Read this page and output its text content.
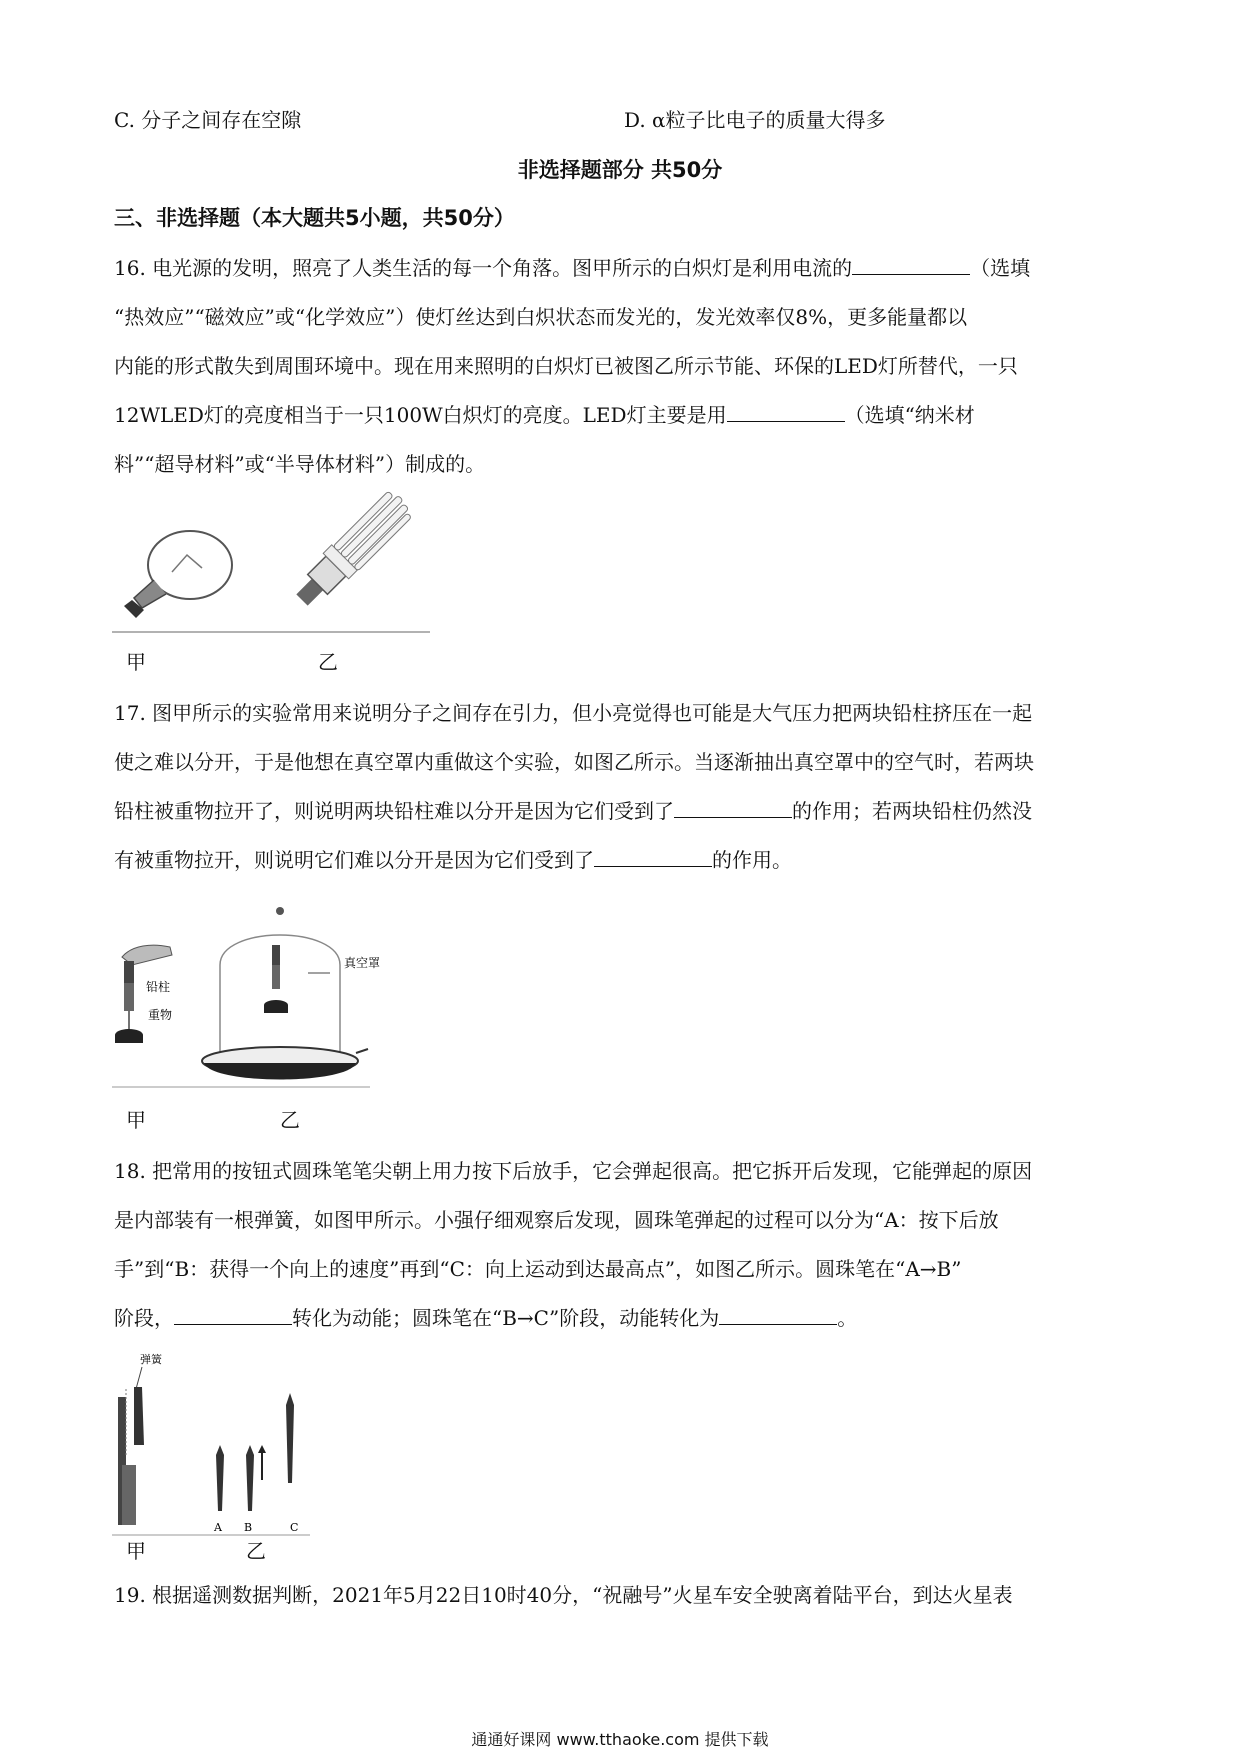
C. 分子之间存在空隙	D. α粒子比电子的质量大得多
非选择题部分 共50分
三、非选择题（本大题共5小题，共50分）
16. 电光源的发明，照亮了人类生活的每一个角落。图甲所示的白炽灯是利用电流的	（选填
“热效应”“磁效应”或“化学效应”）使灯丝达到白炽状态而发光的，发光效率仅8%，更多能量都以
内能的形式散失到周围环境中。现在用来照明的白炽灯已被图乙所示节能、环保的LED灯所替代，一只
12WLED灯的亮度相当于一只100W白炽灯的亮度。LED灯主要是用	（选填“纳米材
料”“超导材料”或“半导体材料”）制成的。
甲	乙
17. 图甲所示的实验常用来说明分子之间存在引力，但小亮觉得也可能是大气压力把两块铅柱挤压在一起
使之难以分开，于是他想在真空罩内重做这个实验，如图乙所示。当逐渐抽出真空罩中的空气时，若两块
铅柱被重物拉开了，则说明两块铅柱难以分开是因为它们受到了	的作用；若两块铅柱仍然没
有被重物拉开，则说明它们难以分开是因为它们受到了	的作用。
铅柱
重物
真空罩
甲	乙
18. 把常用的按钮式圆珠笔笔尖朝上用力按下后放手，它会弹起很高。把它拆开后发现，它能弹起的原因
是内部装有一根弹簧，如图甲所示。小强仔细观察后发现，圆珠笔弹起的过程可以分为“A：按下后放
手”到“B：获得一个向上的速度”再到“C：向上运动到达最高点”，如图乙所示。圆珠笔在“A→B”
阶段，	转化为动能；圆珠笔在“B→C”阶段，动能转化为	。
弹簧
A B	C
甲	乙
19. 根据遥测数据判断，2021年5月22日10时40分，“祝融号”火星车安全驶离着陆平台，到达火星表
通通好课网 www.tthaoke.com 提供下载
